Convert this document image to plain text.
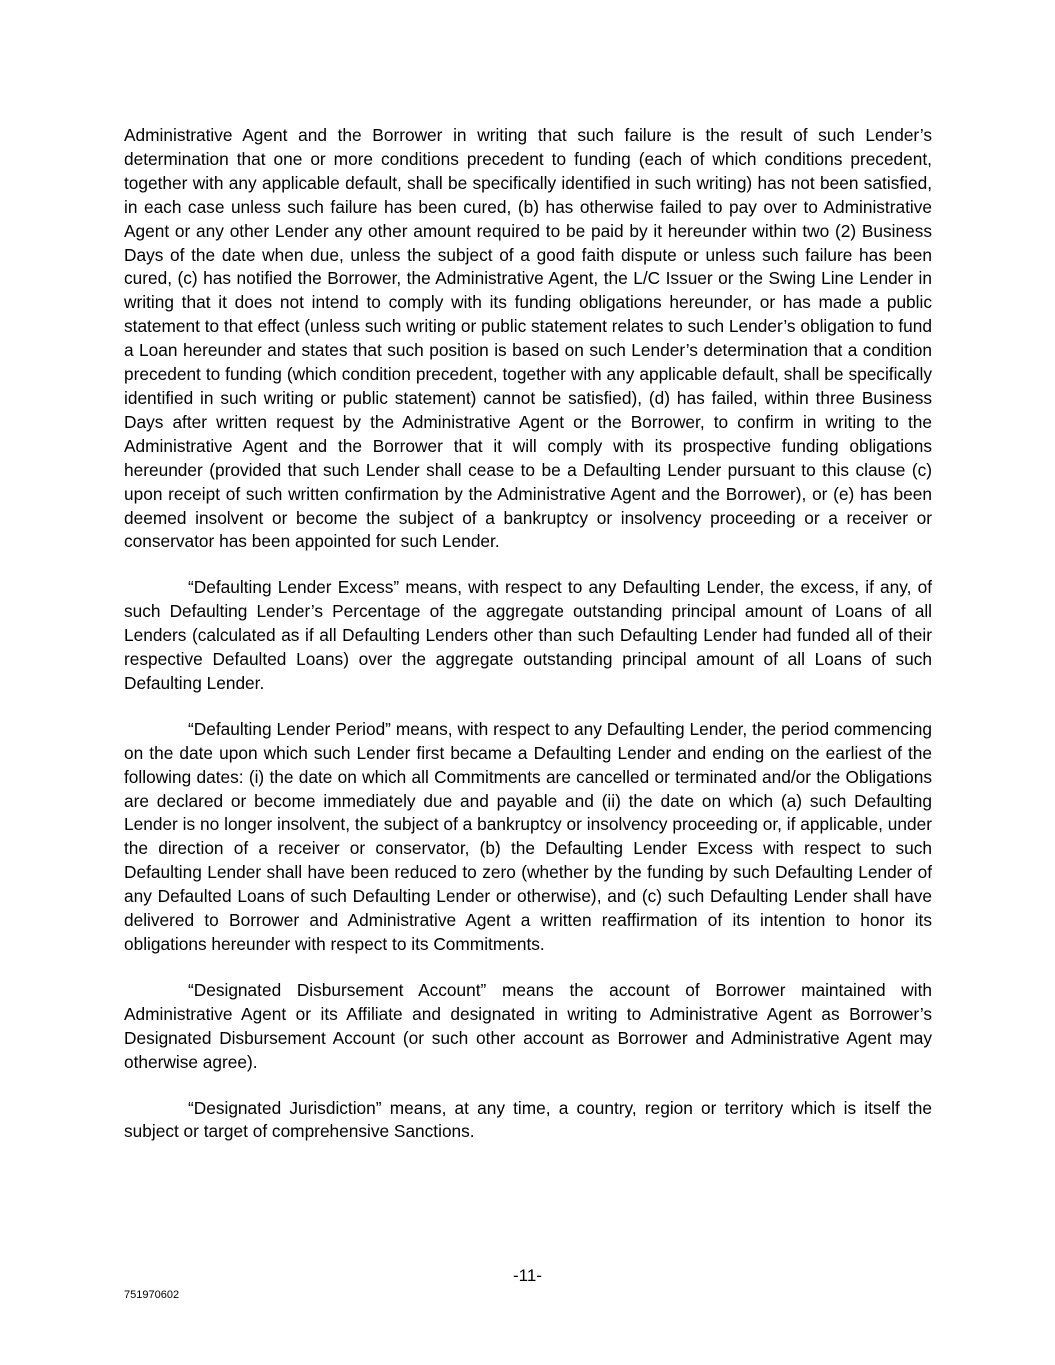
Administrative Agent and the Borrower in writing that such failure is the result of such Lender’s determination that one or more conditions precedent to funding (each of which conditions precedent, together with any applicable default, shall be specifically identified in such writing) has not been satisfied, in each case unless such failure has been cured, (b) has otherwise failed to pay over to Administrative Agent or any other Lender any other amount required to be paid by it hereunder within two (2) Business Days of the date when due, unless the subject of a good faith dispute or unless such failure has been cured, (c) has notified the Borrower, the Administrative Agent, the L/C Issuer or the Swing Line Lender in writing that it does not intend to comply with its funding obligations hereunder, or has made a public statement to that effect (unless such writing or public statement relates to such Lender’s obligation to fund a Loan hereunder and states that such position is based on such Lender’s determination that a condition precedent to funding (which condition precedent, together with any applicable default, shall be specifically identified in such writing or public statement) cannot be satisfied), (d) has failed, within three Business Days after written request by the Administrative Agent or the Borrower, to confirm in writing to the Administrative Agent and the Borrower that it will comply with its prospective funding obligations hereunder (provided that such Lender shall cease to be a Defaulting Lender pursuant to this clause (c) upon receipt of such written confirmation by the Administrative Agent and the Borrower), or (e) has been deemed insolvent or become the subject of a bankruptcy or insolvency proceeding or a receiver or conservator has been appointed for such Lender.

“Defaulting Lender Excess” means, with respect to any Defaulting Lender, the excess, if any, of such Defaulting Lender’s Percentage of the aggregate outstanding principal amount of Loans of all Lenders (calculated as if all Defaulting Lenders other than such Defaulting Lender had funded all of their respective Defaulted Loans) over the aggregate outstanding principal amount of all Loans of such Defaulting Lender.

“Defaulting Lender Period” means, with respect to any Defaulting Lender, the period commencing on the date upon which such Lender first became a Defaulting Lender and ending on the earliest of the following dates: (i) the date on which all Commitments are cancelled or terminated and/or the Obligations are declared or become immediately due and payable and (ii) the date on which (a) such Defaulting Lender is no longer insolvent, the subject of a bankruptcy or insolvency proceeding or, if applicable, under the direction of a receiver or conservator, (b) the Defaulting Lender Excess with respect to such Defaulting Lender shall have been reduced to zero (whether by the funding by such Defaulting Lender of any Defaulted Loans of such Defaulting Lender or otherwise), and (c) such Defaulting Lender shall have delivered to Borrower and Administrative Agent a written reaffirmation of its intention to honor its obligations hereunder with respect to its Commitments.

“Designated Disbursement Account” means the account of Borrower maintained with Administrative Agent or its Affiliate and designated in writing to Administrative Agent as Borrower’s Designated Disbursement Account (or such other account as Borrower and Administrative Agent may otherwise agree).

“Designated Jurisdiction” means, at any time, a country, region or territory which is itself the subject or target of comprehensive Sanctions.

-11-
751970602
